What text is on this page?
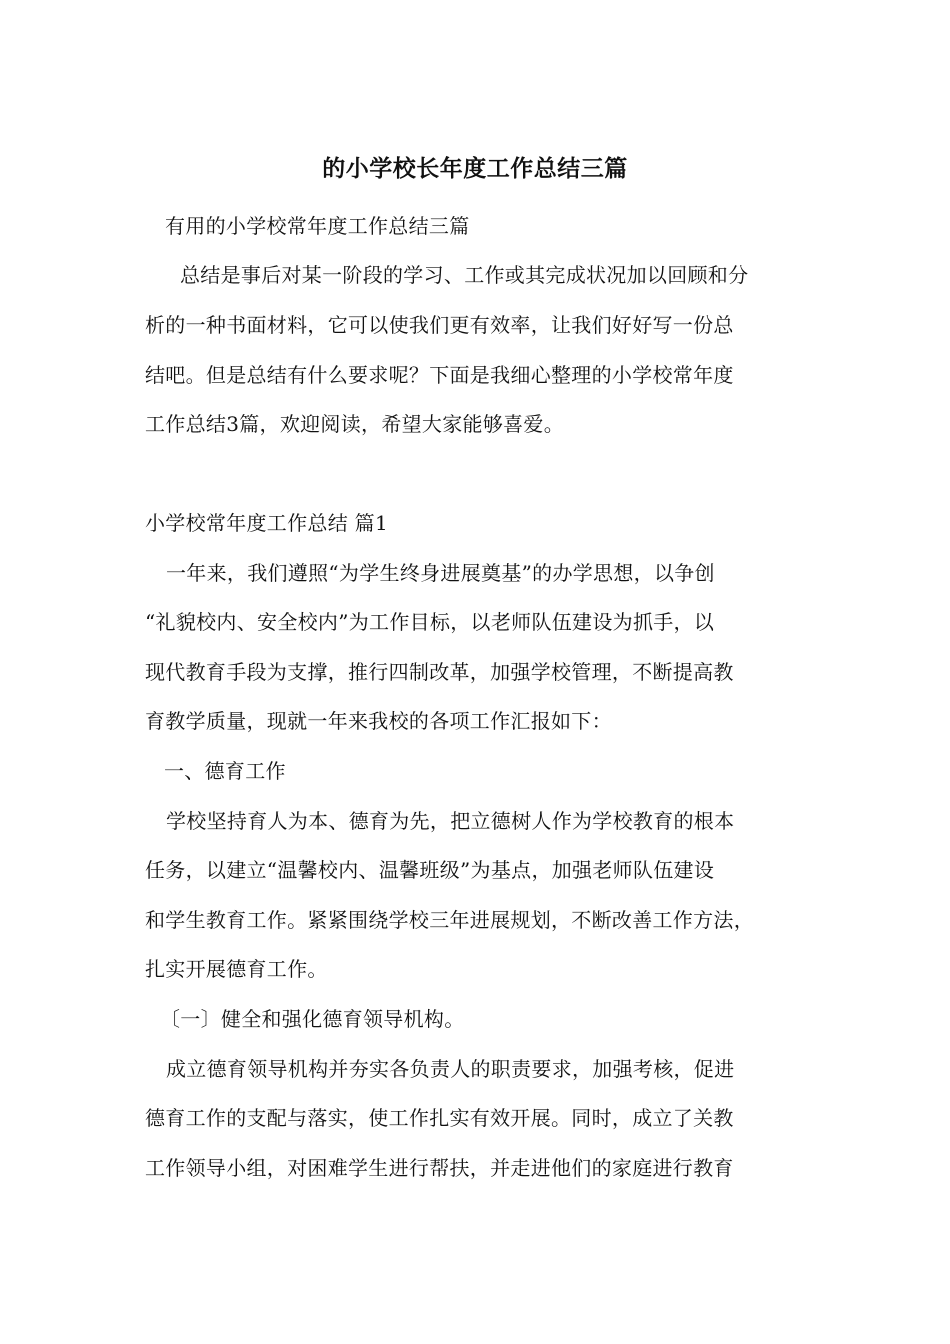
的小学校长年度工作总结三篇
有用的小学校常年度工作总结三篇
总结是事后对某一阶段的学习、工作或其完成状况加以回顾和分
析的一种书面材料，它可以使我们更有效率，让我们好好写一份总
结吧。但是总结有什么要求呢？下面是我细心整理的小学校常年度
工作总结3篇，欢迎阅读，希望大家能够喜爱。
小学校常年度工作总结 篇1
一年来，我们遵照“为学生终身进展奠基”的办学思想，以争创
“礼貌校内、安全校内”为工作目标，以老师队伍建设为抓手，以
现代教育手段为支撑，推行四制改革，加强学校管理，不断提高教
育教学质量，现就一年来我校的各项工作汇报如下：
一、德育工作
学校坚持育人为本、德育为先，把立德树人作为学校教育的根本
任务，以建立“温馨校内、温馨班级”为基点，加强老师队伍建设
和学生教育工作。紧紧围绕学校三年进展规划，不断改善工作方法，
扎实开展德育工作。
〔一〕健全和强化德育领导机构。
成立德育领导机构并夯实各负责人的职责要求，加强考核，促进
德育工作的支配与落实，使工作扎实有效开展。同时，成立了关教
工作领导小组，对困难学生进行帮扶，并走进他们的家庭进行教育
